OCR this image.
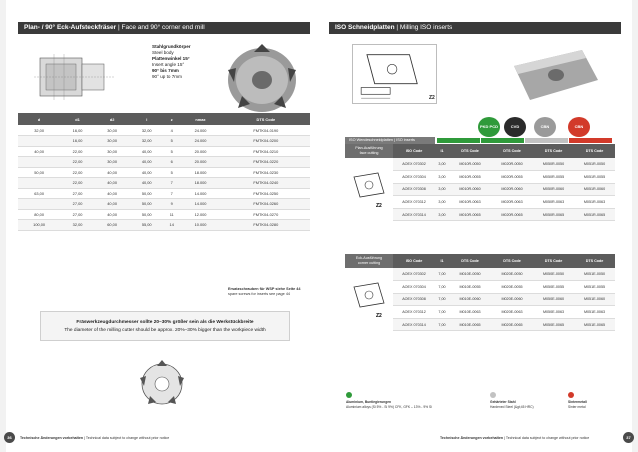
Plan- / 90° Eck-Aufsteckfräser | Face and 90° corner end mill
Stahlgrundkörper
Steel body
Plattenwinkel 15°
Insert angle 15°
90° bis 7mm
90° up to 7mm
d	d1	d2	l	z	nmax	DTS Code
32,00	16,00	30,00	32,00	4	24.000	FMTK04-0190
	16,00	30,00	32,00	5	24.000	FMTK04-0200
40,00	22,00	30,00	40,00	5	20.000	FMTK04-0210
	22,00	30,00	40,00	6	20.000	FMTK04-0220
50,00	22,00	40,00	40,00	5	18.000	FMTK04-0230
	22,00	40,00	40,00	7	18.000	FMTK04-0240
63,00	27,00	40,00	50,00	7	14.000	FMTK04-0250
	27,00	40,00	50,00	9	14.000	FMTK04-0260
80,00	27,00	40,00	50,00	11	12.000	FMTK04-0270
100,00	32,00	60,00	55,00	14	10.000	FMTK04-0280
Ersatzschrauben für WSP siehe Seite 44
spare screws for inserts see page 44
Fräswerkzeugdurchmesser sollte 20–30% größer sein als die Werkstückbreite
The diameter of the milling cutter should be approx. 20%–30% bigger than the workpiece width
36	Technische Änderungen vorbehalten | Technical data subject to change without prior notice
ISO Schneidplatten | Milling ISO inserts
Z2
PKD PCD	CVD	CBN	CBN
ISO Wendeschneidplatten | ISO inserts
Plan-Ausführung
face cutting	ISO Code	l1	DTS Code	DTS Code	DTS Code	DTS Code

Z2	AOEX 070302	3,00	M010R-0050	M020R-0050	M050R-0050	M051R-0050
	AOEX 070304	3,00	M010R-0055	M020R-0055	M050R-0055	M051R-0055
	AOEX 070308	3,00	M010R-0060	M020R-0060	M050R-0060	M051R-0060
	AOEX 070312	3,00	M010R-0063	M020R-0063	M050R-0063	M051R-0063
	AOEX 070314	3,00	M010R-0065	M020R-0065	M050R-0065	M051R-0065
Eck-Ausführung
corner cutting	ISO Code	l1	DTS Code	DTS Code	DTS Code	DTS Code

Z2	AOEX 070302	7,00	M010E-0050	M020E-0050	M050E-0050	M051E-0050
	AOEX 070304	7,00	M010E-0055	M020E-0055	M050E-0055	M051E-0055
	AOEX 070308	7,00	M010E-0060	M020E-0060	M050E-0060	M051E-0060
	AOEX 070312	7,00	M010E-0063	M020E-0063	M050E-0063	M051E-0063
	AOEX 070314	7,00	M010E-0065	M020E-0065	M050E-0065	M051E-0065
Aluminium, Buntlegierungen
Aluminium alloys (Si 5% - Si 9%) CFK, GFK – 13% - 9% Si
Gehärteter Stahl
Hardened Steel (&gt;45 HRC)
Sintermetall
Sinter metal
Technische Änderungen vorbehalten | Technical data subject to change without prior notice	37
